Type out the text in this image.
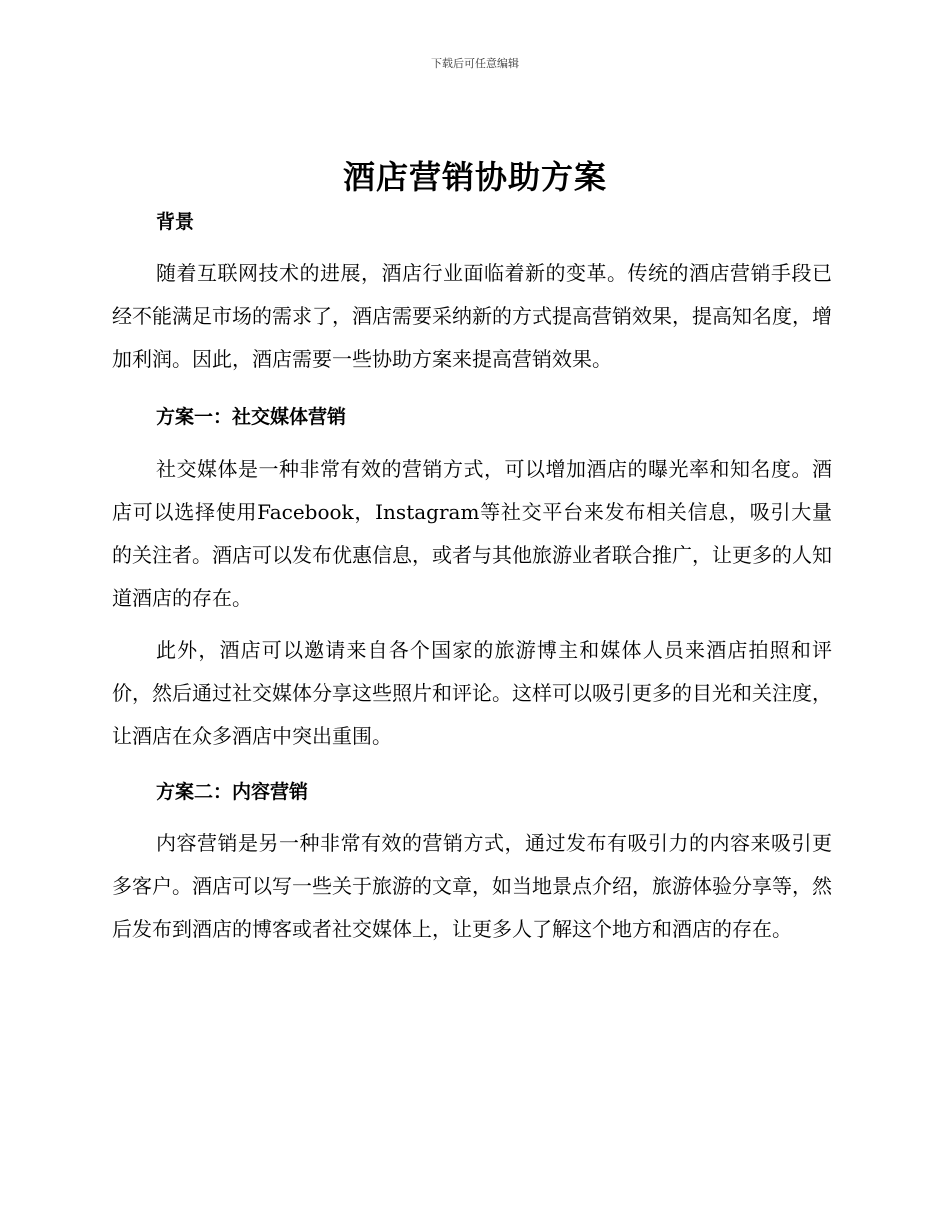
下载后可任意编辑
酒店营销协助方案
背景
随着互联网技术的进展，酒店行业面临着新的变革。传统的酒店营销手段已经不能满足市场的需求了，酒店需要采纳新的方式提高营销效果，提高知名度，增加利润。因此，酒店需要一些协助方案来提高营销效果。
方案一：社交媒体营销
社交媒体是一种非常有效的营销方式，可以增加酒店的曝光率和知名度。酒店可以选择使用Facebook，Instagram等社交平台来发布相关信息，吸引大量的关注者。酒店可以发布优惠信息，或者与其他旅游业者联合推广，让更多的人知道酒店的存在。
此外，酒店可以邀请来自各个国家的旅游博主和媒体人员来酒店拍照和评价，然后通过社交媒体分享这些照片和评论。这样可以吸引更多的目光和关注度，让酒店在众多酒店中突出重围。
方案二：内容营销
内容营销是另一种非常有效的营销方式，通过发布有吸引力的内容来吸引更多客户。酒店可以写一些关于旅游的文章，如当地景点介绍，旅游体验分享等，然后发布到酒店的博客或者社交媒体上，让更多人了解这个地方和酒店的存在。
